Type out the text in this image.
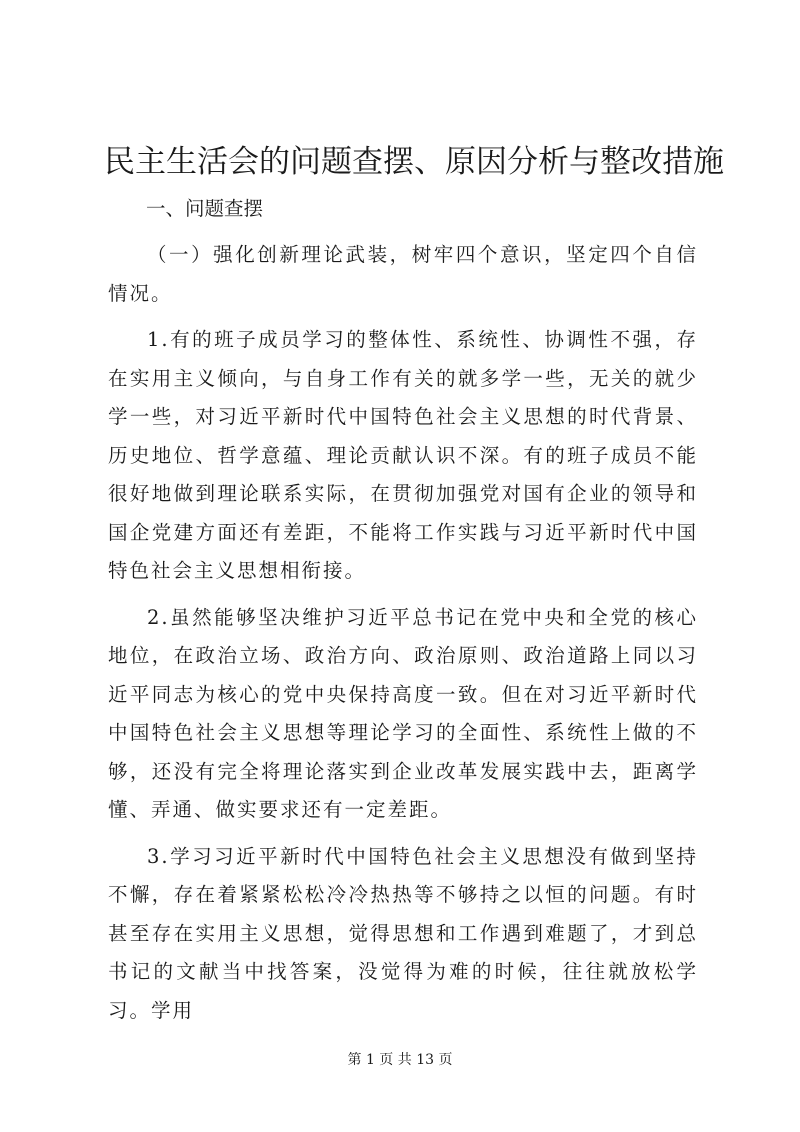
民主生活会的问题查摆、原因分析与整改措施

一、问题查摆

（一）强化创新理论武装，树牢四个意识，坚定四个自信情况。

1.有的班子成员学习的整体性、系统性、协调性不强，存在实用主义倾向，与自身工作有关的就多学一些，无关的就少学一些，对习近平新时代中国特色社会主义思想的时代背景、历史地位、哲学意蕴、理论贡献认识不深。有的班子成员不能很好地做到理论联系实际，在贯彻加强党对国有企业的领导和国企党建方面还有差距，不能将工作实践与习近平新时代中国特色社会主义思想相衔接。

2.虽然能够坚决维护习近平总书记在党中央和全党的核心地位，在政治立场、政治方向、政治原则、政治道路上同以习近平同志为核心的党中央保持高度一致。但在对习近平新时代中国特色社会主义思想等理论学习的全面性、系统性上做的不够，还没有完全将理论落实到企业改革发展实践中去，距离学懂、弄通、做实要求还有一定差距。

3.学习习近平新时代中国特色社会主义思想没有做到坚持不懈，存在着紧紧松松冷冷热热等不够持之以恒的问题。有时甚至存在实用主义思想，觉得思想和工作遇到难题了，才到总书记的文献当中找答案，没觉得为难的时候，往往就放松学习。学用

第 1 页 共 13 页
